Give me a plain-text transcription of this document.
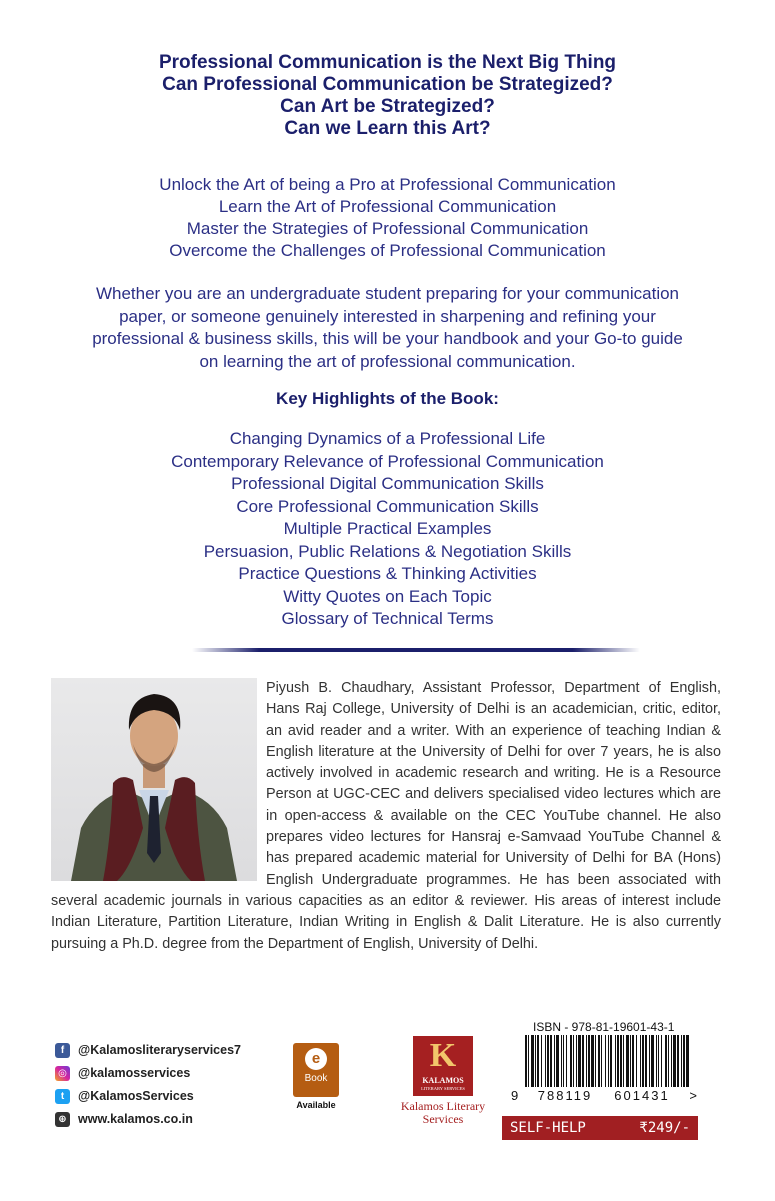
Professional Communication is the Next Big Thing
Can Professional Communication be Strategized?
Can Art be Strategized?
Can we Learn this Art?
Unlock the Art of being a Pro at Professional Communication
Learn the Art of Professional Communication
Master the Strategies of Professional Communication
Overcome the Challenges of Professional Communication
Whether you are an undergraduate student preparing for your communication paper, or someone genuinely interested in sharpening and refining your professional & business skills, this will be your handbook and your Go-to guide on learning the art of professional communication.
Key Highlights of the Book:
Changing Dynamics of a Professional Life
Contemporary Relevance of Professional Communication
Professional Digital Communication Skills
Core Professional Communication Skills
Multiple Practical Examples
Persuasion, Public Relations & Negotiation Skills
Practice Questions & Thinking Activities
Witty Quotes on Each Topic
Glossary of Technical Terms
Piyush B. Chaudhary, Assistant Professor, Department of English, Hans Raj College, University of Delhi is an academician, critic, editor, an avid reader and a writer. With an experience of teaching Indian & English literature at the University of Delhi for over 7 years, he is also actively involved in academic research and writing. He is a Resource Person at UGC-CEC and delivers specialised video lectures which are in open-access & available on the CEC YouTube channel. He also prepares video lectures for Hansraj e-Samvaad YouTube Channel & has prepared academic material for University of Delhi for BA (Hons) English Undergraduate programmes. He has been associated with several academic journals in various capacities as an editor & reviewer. His areas of interest include Indian Literature, Partition Literature, Indian Writing in English & Dalit Literature. He is also currently pursuing a Ph.D. degree from the Department of English, University of Delhi.
f	@Kalamosliteraryservices7
◎ @kalamosservices
t	@KalamosServices
⊕ www.kalamos.co.in
e
Book
Available
K
KALAMOS
LITERARY SERVICES
Kalamos Literary
Services
ISBN - 978-81-19601-43-1
9	788119	601431	>
SELF-HELP	₹249/-
